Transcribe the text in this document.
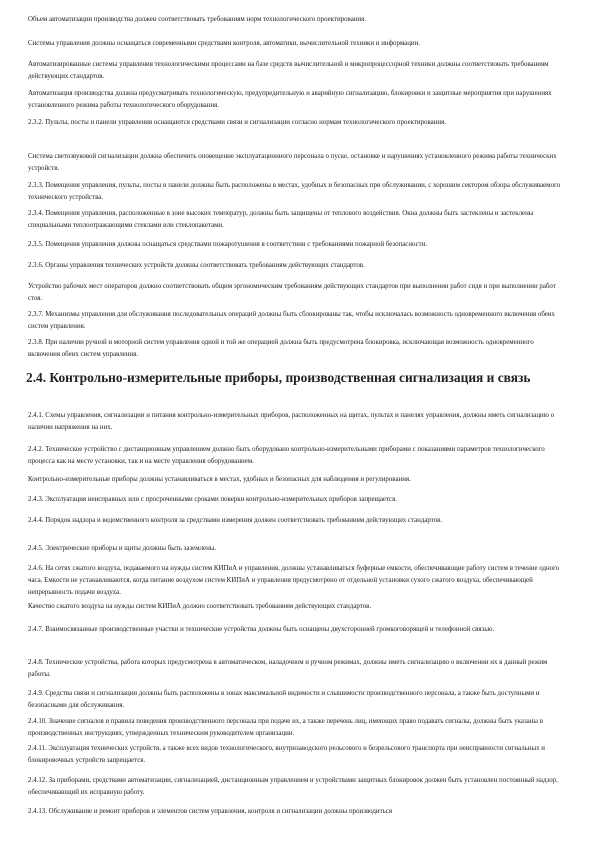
Объем автоматизации производства должен соответствовать требованиям норм технологического проектирования.

Системы управления должны оснащаться современными средствами контроля, автоматики, вычислительной техники и информации.

Автоматизированные системы управления технологическими процессами на базе средств вычислительной и микропроцессорной техники должны соответствовать требованиям действующих стандартов.

Автоматизация производства должна предусматривать технологическую, предупредительную и аварийную сигнализацию, блокировки и защитные мероприятия при нарушениях установленного режима работы технологического оборудования.

2.3.2. Пульты, посты и панели управления оснащаются средствами связи и сигнализации согласно нормам технологического проектирования.

Система светозвуковой сигнализации должна обеспечить оповещение эксплуатационного персонала о пуске, остановке и нарушениях установленного режима работы технических устройств.

2.3.3. Помещения управления, пульты, посты и панели должны быть расположены в местах, удобных и безопасных при обслуживании, с хорошим сектором обзора обслуживаемого технического устройства.

2.3.4. Помещения управления, расположенные в зоне высоких температур, должны быть защищены от теплового воздействия. Окна должны быть застеклены и застеклены специальными теплоотражающими стеклами или стеклопакетами.

2.3.5. Помещения управления должны оснащаться средствами пожаротушения в соответствии с требованиями пожарной безопасности.

2.3.6. Органы управления технических устройств должны соответствовать требованиям действующих стандартов.

Устройство рабочих мест операторов должно соответствовать общим эргономическим требованиям действующих стандартов при выполнении работ сидя и при выполнении работ стоя.

2.3.7. Механизмы управления для обслуживания последовательных операций должны быть сблокированы так, чтобы исключалась возможность одновременного включения обеих систем управления.

2.3.8. При наличии ручной и моторной систем управления одной и той же операцией должна быть предусмотрена блокировка, исключающая возможность одновременного включения обеих систем управления.

2.4. Контрольно-измерительные приборы, производственная сигнализация и связь

2.4.1. Схемы управления, сигнализации и питания контрольно-измерительных приборов, расположенных на щитах, пультах и панелях управления, должны иметь сигнализацию о наличии напряжения на них.

2.4.2. Техническое устройство с дистанционным управлением должно быть оборудовано контрольно-измерительными приборами с показаниями параметров технологического процесса как на месте установки, так и на месте управления оборудованием.

Контрольно-измерительные приборы должны устанавливаться в местах, удобных и безопасных для наблюдения и регулирования.

2.4.3. Эксплуатация неисправных или с просроченными сроками поверки контрольно-измерительных приборов запрещается.

2.4.4. Порядок надзора и ведомственного контроля за средствами измерения должен соответствовать требованиям действующих стандартов.

2.4.5. Электрические приборы и щиты должны быть заземлены.

2.4.6. На сетях сжатого воздуха, подаваемого на нужды систем КИПиА и управления, должны устанавливаться буферные емкости, обеспечивающие работу систем в течение одного часа. Емкости не устанавливаются, когда питание воздухом систем КИПиА и управления предусмотрено от отдельной установки сухого сжатого воздуха, обеспечивающей непрерывность подачи воздуха.

Качество сжатого воздуха на нужды систем КИПиА должно соответствовать требованиям действующих стандартов.

2.4.7. Взаимосвязанные производственные участки и технические устройства должны быть оснащены двухсторонней громкоговорящей и телефонной связью.

2.4.8. Технические устройства, работа которых предусмотрена в автоматическом, наладочном и ручном режимах, должны иметь сигнализацию о включении их в данный режим работы.

2.4.9. Средства связи и сигнализации должны быть расположены в зонах максимальной видимости и слышимости производственного персонала, а также быть доступными и безопасными для обслуживания.

2.4.10. Значение сигналов и правила поведения производственного персонала при подаче их, а также перечень лиц, имеющих право подавать сигналы, должны быть указаны в производственных инструкциях, утвержденных техническим руководителем организации.

2.4.11. Эксплуатация технических устройств, а также всех видов технологического, внутризаводского рельсового и безрельсового транспорта при неисправности сигнальных и блокировочных устройств запрещается.

2.4.12. За приборами, средствами автоматизации, сигнализацией, дистанционным управлением и устройствами защитных блокировок должен быть установлен постоянный надзор, обеспечивающий их исправную работу.

2.4.13. Обслуживание и ремонт приборов и элементов систем управления, контроля и сигнализации должны производиться
